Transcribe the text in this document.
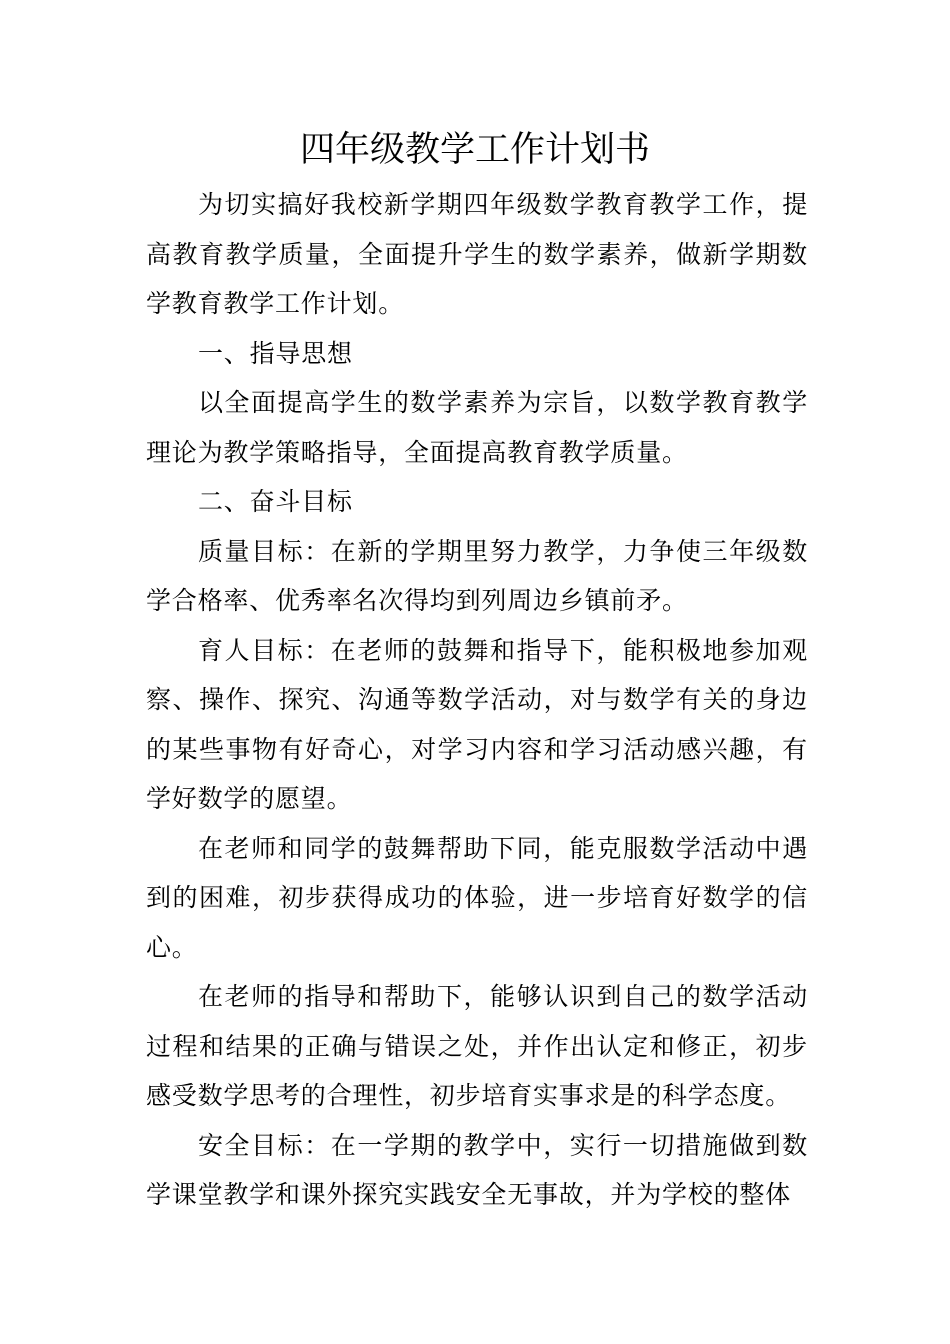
四年级教学工作计划书

为切实搞好我校新学期四年级数学教育教学工作，提高教育教学质量，全面提升学生的数学素养，做新学期数学教育教学工作计划。

一、指导思想

以全面提高学生的数学素养为宗旨，以数学教育教学理论为教学策略指导，全面提高教育教学质量。

二、奋斗目标

质量目标：在新的学期里努力教学，力争使三年级数学合格率、优秀率名次得均到列周边乡镇前矛。

育人目标：在老师的鼓舞和指导下，能积极地参加观察、操作、探究、沟通等数学活动，对与数学有关的身边的某些事物有好奇心，对学习内容和学习活动感兴趣，有学好数学的愿望。

在老师和同学的鼓舞帮助下同，能克服数学活动中遇到的困难，初步获得成功的体验，进一步培育好数学的信心。

在老师的指导和帮助下，能够认识到自己的数学活动过程和结果的正确与错误之处，并作出认定和修正，初步感受数学思考的合理性，初步培育实事求是的科学态度。

安全目标：在一学期的教学中，实行一切措施做到数学课堂教学和课外探究实践安全无事故，并为学校的整体
